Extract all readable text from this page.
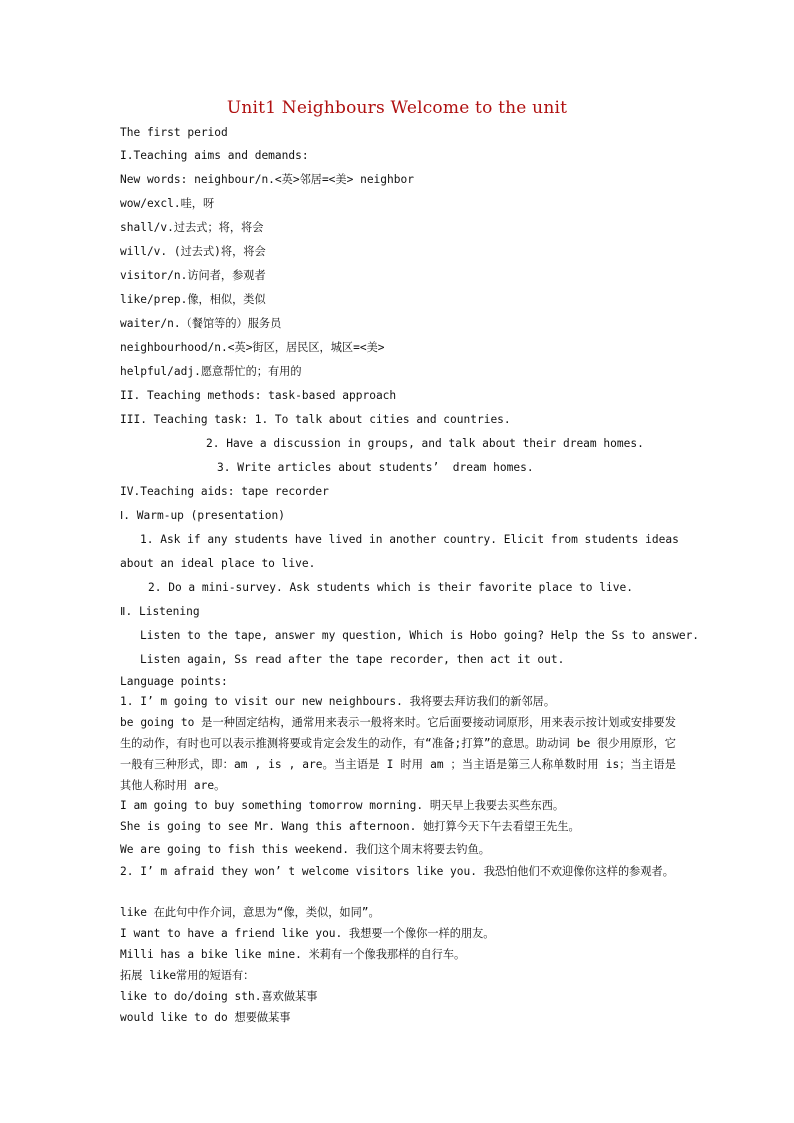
Unit1 Neighbours Welcome to the unit
The first period
I.Teaching aims and demands:
New words: neighbour/n.<英>邻居=<美> neighbor
wow/excl.哇，呀
shall/v.过去式；将，将会
will/v. (过去式)将，将会
visitor/n.访问者，参观者
like/prep.像，相似，类似
waiter/n.（餐馆等的）服务员
neighbourhood/n.<英>街区，居民区，城区=<美>
helpful/adj.愿意帮忙的；有用的
II. Teaching methods: task-based approach
III. Teaching task: 1. To talk about cities and countries.
2. Have a discussion in groups, and talk about their dream homes.
3. Write articles about students’  dream homes.
IV.Teaching aids: tape recorder
Ⅰ. Warm-up (presentation)
1. Ask if any students have lived in another country. Elicit from students ideas
about an ideal place to live.
2. Do a mini-survey. Ask students which is their favorite place to live.
Ⅱ. Listening
Listen to the tape, answer my question, Which is Hobo going? Help the Ss to answer.
Listen again, Ss read after the tape recorder, then act it out.
Language points:
1. I’ m going to visit our new neighbours. 我将要去拜访我们的新邻居。
be going to 是一种固定结构，通常用来表示一般将来时。它后面要接动词原形，用来表示按计划或安排要发生的动作，有时也可以表示推测将要或肯定会发生的动作，有“准备;打算”的意思。助动词 be 很少用原形，它一般有三种形式，即：am , is , are。当主语是 I 时用 am ；当主语是第三人称单数时用 is；当主语是其他人称时用 are。
I am going to buy something tomorrow morning. 明天早上我要去买些东西。
She is going to see Mr. Wang this afternoon. 她打算今天下午去看望王先生。
We are going to fish this weekend. 我们这个周末将要去钓鱼。
2. I’ m afraid they won’ t welcome visitors like you. 我恐怕他们不欢迎像你这样的参观者。
like 在此句中作介词，意思为“像，类似，如同”。
I want to have a friend like you. 我想要一个像你一样的朋友。
Milli has a bike like mine. 米莉有一个像我那样的自行车。
拓展 like常用的短语有：
like to do/doing sth.喜欢做某事
would like to do 想要做某事
